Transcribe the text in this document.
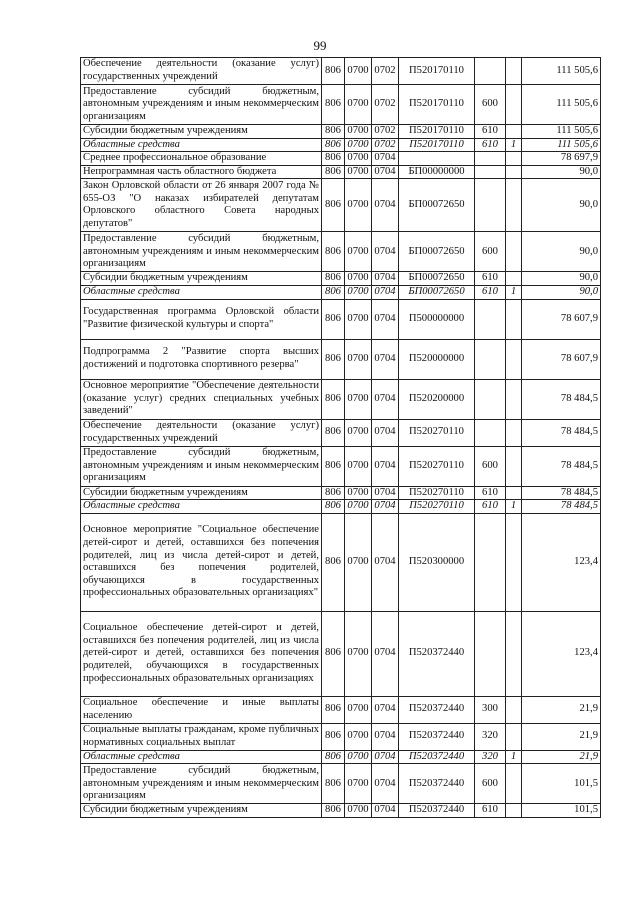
99
Обеспечение деятельности (оказание услуг) государственных учреждений	806	0700	0702	П520170110			111 505,6
Предоставление субсидий бюджетным, автономным учреждениям и иным некоммерческим организациям	806	0700	0702	П520170110	600		111 505,6
Субсидии бюджетным учреждениям	806	0700	0702	П520170110	610		111 505,6
Областные средства	806	0700	0702	П520170110	610	1	111 505,6
Среднее профессиональное образование	806	0700	0704				78 697,9
Непрограммная часть областного бюджета	806	0700	0704	БП00000000			90,0
Закон Орловской области от 26 января 2007 года № 655-ОЗ "О наказах избирателей депутатам Орловского областного Совета народных депутатов"	806	0700	0704	БП00072650			90,0
Предоставление субсидий бюджетным, автономным учреждениям и иным некоммерческим организациям	806	0700	0704	БП00072650	600		90,0
Субсидии бюджетным учреждениям	806	0700	0704	БП00072650	610		90,0
Областные средства	806	0700	0704	БП00072650	610	1	90,0
Государственная программа Орловской области "Развитие физической культуры и спорта"	806	0700	0704	П500000000			78 607,9
Подпрограмма 2 "Развитие спорта высших достижений и подготовка спортивного резерва"	806	0700	0704	П520000000			78 607,9
Основное мероприятие "Обеспечение деятельности (оказание услуг) средних специальных учебных заведений"	806	0700	0704	П520200000			78 484,5
Обеспечение деятельности (оказание услуг) государственных учреждений	806	0700	0704	П520270110			78 484,5
Предоставление субсидий бюджетным, автономным учреждениям и иным некоммерческим организациям	806	0700	0704	П520270110	600		78 484,5
Субсидии бюджетным учреждениям	806	0700	0704	П520270110	610		78 484,5
Областные средства	806	0700	0704	П520270110	610	1	78 484,5
Основное мероприятие "Социальное обеспечение детей-сирот и детей, оставшихся без попечения родителей, лиц из числа детей-сирот и детей, оставшихся без попечения родителей, обучающихся в государственных профессиональных образовательных организациях"	806	0700	0704	П520300000			123,4
Социальное обеспечение детей-сирот и детей, оставшихся без попечения родителей, лиц из числа детей-сирот и детей, оставшихся без попечения родителей, обучающихся в государственных профессиональных образовательных организациях	806	0700	0704	П520372440			123,4
Социальное обеспечение и иные выплаты населению	806	0700	0704	П520372440	300		21,9
Социальные выплаты гражданам, кроме публичных нормативных социальных выплат	806	0700	0704	П520372440	320		21,9
Областные средства	806	0700	0704	П520372440	320	1	21,9
Предоставление субсидий бюджетным, автономным учреждениям и иным некоммерческим организациям	806	0700	0704	П520372440	600		101,5
Субсидии бюджетным учреждениям	806	0700	0704	П520372440	610		101,5
